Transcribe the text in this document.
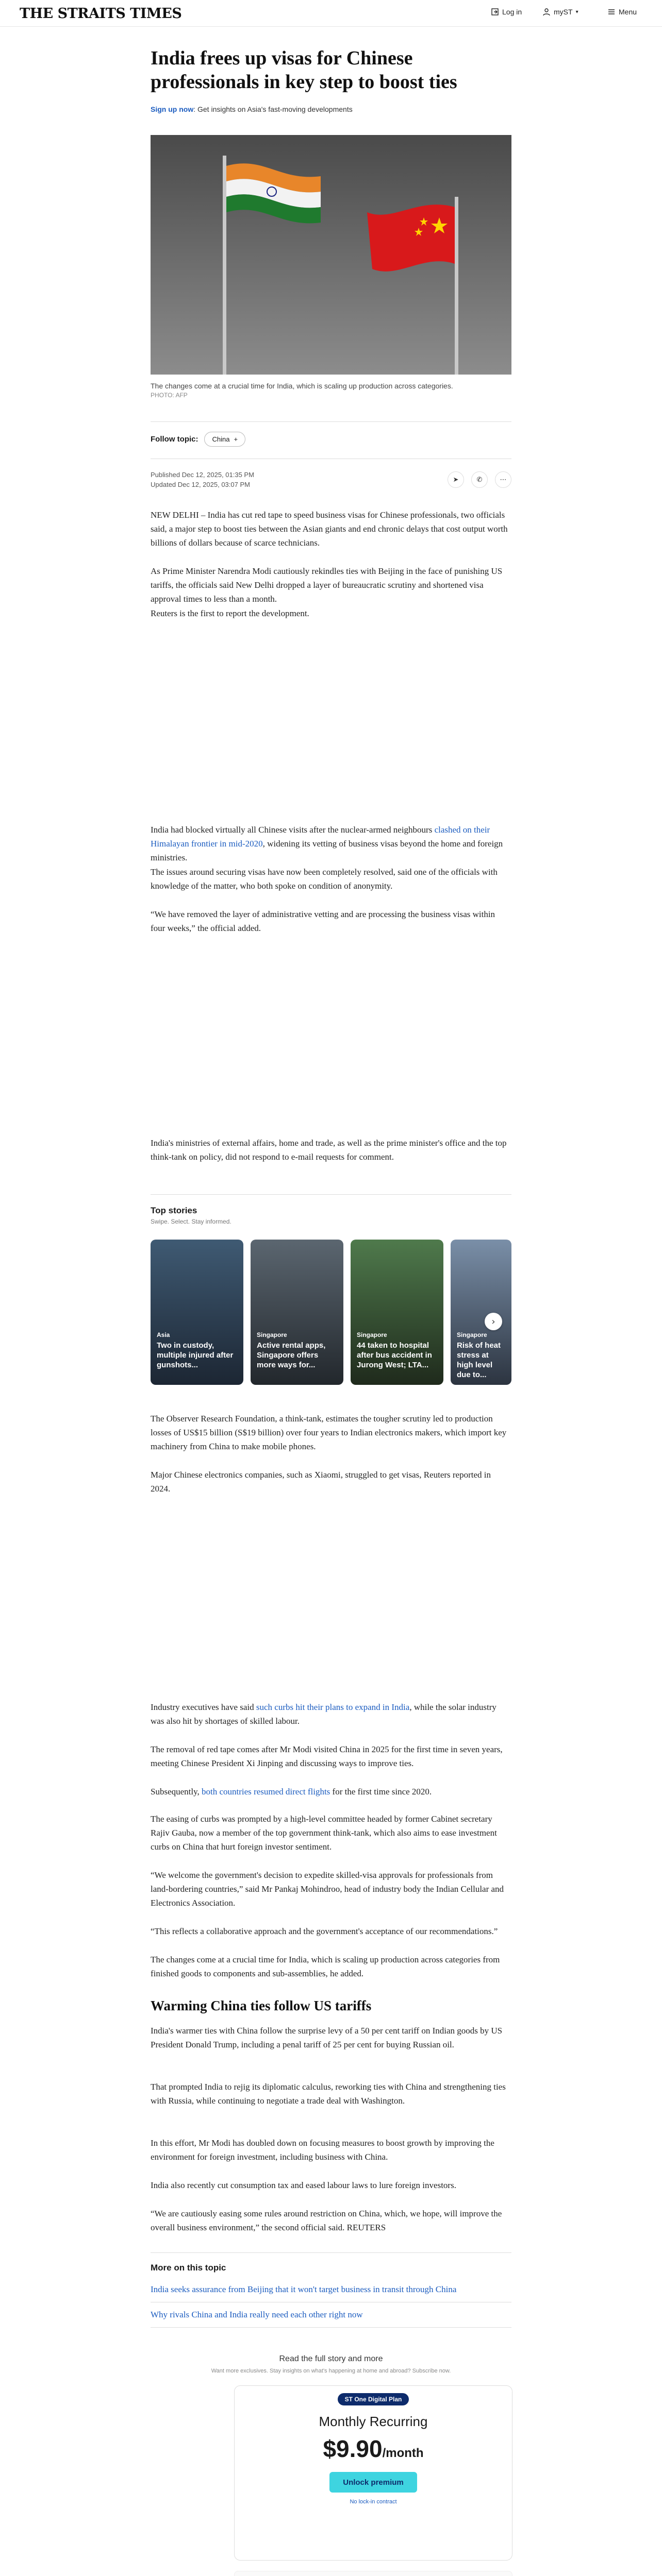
THE STRAITS TIMES	Log in	myST ▾	Menu
India frees up visas for Chinese professionals in key step to boost ties
Sign up now: Get insights on Asia's fast-moving developments
The changes come at a crucial time for India, which is scaling up production across categories.
PHOTO: AFP
Follow topic: China +
Published Dec 12, 2025, 01:35 PM
Updated Dec 12, 2025, 03:07 PM
➤	✆	⋯

NEW DELHI – India has cut red tape to speed business visas for Chinese professionals, two officials said, a major step to boost ties between the Asian giants and end chronic delays that cost output worth billions of dollars because of scarce technicians.

As Prime Minister Narendra Modi cautiously rekindles ties with Beijing in the face of punishing US tariffs, the officials said New Delhi dropped a layer of bureaucratic scrutiny and shortened visa approval times to less than a month.

Reuters is the first to report the development.

India had blocked virtually all Chinese visits after the nuclear-armed neighbours clashed on their Himalayan frontier in mid-2020, widening its vetting of business visas beyond the home and foreign ministries.

The issues around securing visas have now been completely resolved, said one of the officials with knowledge of the matter, who both spoke on condition of anonymity.

“We have removed the layer of administrative vetting and are processing the business visas within four weeks,” the official added.

India's ministries of external affairs, home and trade, as well as the prime minister's office and the top think-tank on policy, did not respond to e-mail requests for comment.

Top stories
Swipe. Select. Stay informed.
Asia
Two in custody, multiple injured after gunshots...
Singapore
Active rental apps, Singapore offers more ways for...
Singapore
44 taken to hospital after bus accident in Jurong West; LTA...
Singapore
Risk of heat stress at high level due to...
›

The Observer Research Foundation, a think-tank, estimates the tougher scrutiny led to production losses of US$15 billion (S$19 billion) over four years to Indian electronics makers, which import key machinery from China to make mobile phones.

Major Chinese electronics companies, such as Xiaomi, struggled to get visas, Reuters reported in 2024.

Industry executives have said such curbs hit their plans to expand in India, while the solar industry was also hit by shortages of skilled labour.

The removal of red tape comes after Mr Modi visited China in 2025 for the first time in seven years, meeting Chinese President Xi Jinping and discussing ways to improve ties.

Subsequently, both countries resumed direct flights for the first time since 2020.

The easing of curbs was prompted by a high-level committee headed by former Cabinet secretary Rajiv Gauba, now a member of the top government think-tank, which also aims to ease investment curbs on China that hurt foreign investor sentiment.

“We welcome the government's decision to expedite skilled-visa approvals for professionals from land-bordering countries,” said Mr Pankaj Mohindroo, head of industry body the Indian Cellular and Electronics Association.

“This reflects a collaborative approach and the government's acceptance of our recommendations.”

The changes come at a crucial time for India, which is scaling up production across categories from finished goods to components and sub-assemblies, he added.

Warming China ties follow US tariffs

India's warmer ties with China follow the surprise levy of a 50 per cent tariff on Indian goods by US President Donald Trump, including a penal tariff of 25 per cent for buying Russian oil.

That prompted India to rejig its diplomatic calculus, reworking ties with China and strengthening ties with Russia, while continuing to negotiate a trade deal with Washington.

In this effort, Mr Modi has doubled down on focusing measures to boost growth by improving the environment for foreign investment, including business with China.

India also recently cut consumption tax and eased labour laws to lure foreign investors.

“We are cautiously easing some rules around restriction on China, which, we hope, will improve the overall business environment,” the second official said. REUTERS

More on this topic
India seeks assurance from Beijing that it won't target business in transit through China
Why rivals China and India really need each other right now
Read the full story and more
Want more exclusives. Stay insights on what's happening at home and abroad? Subscribe now.
ST One Digital Plan
Monthly Recurring
$9.90/month
Unlock premium
No lock-in contract
